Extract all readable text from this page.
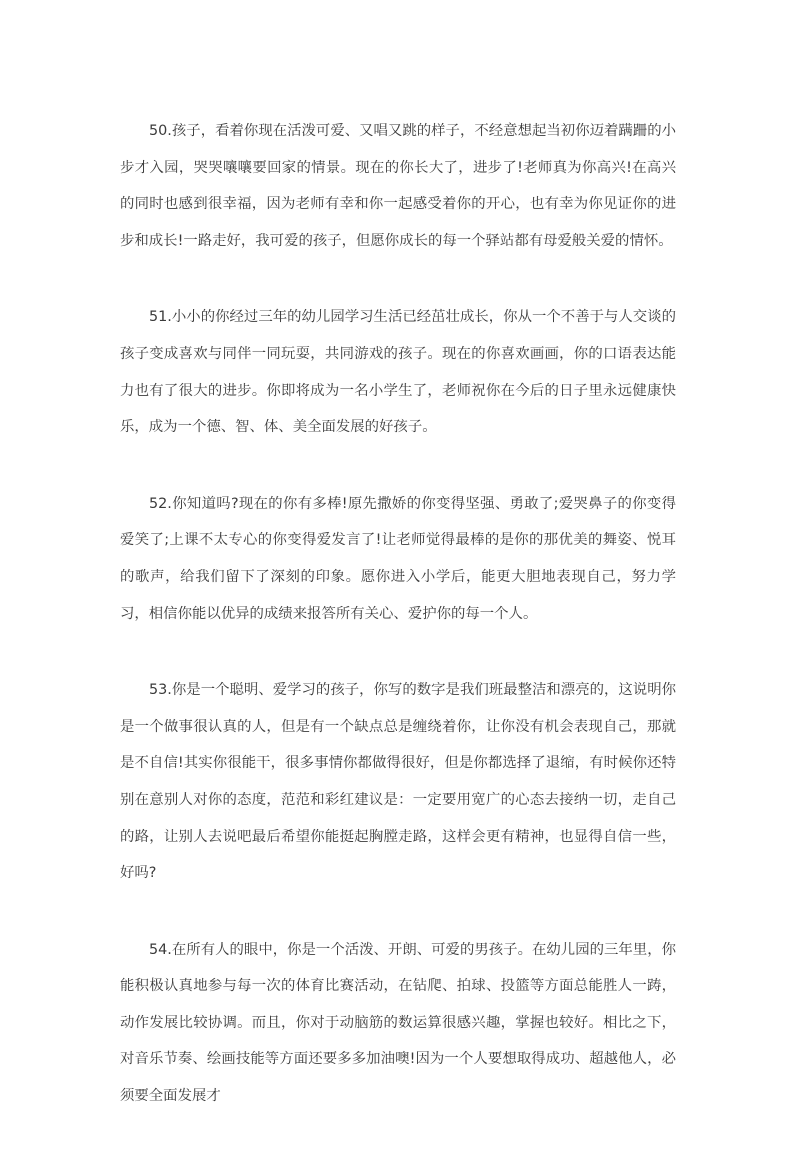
50.孩子，看着你现在活泼可爱、又唱又跳的样子，不经意想起当初你迈着蹒跚的小步才入园，哭哭嚷嚷要回家的情景。现在的你长大了，进步了!老师真为你高兴!在高兴的同时也感到很幸福，因为老师有幸和你一起感受着你的开心，也有幸为你见证你的进步和成长!一路走好，我可爱的孩子，但愿你成长的每一个驿站都有母爱般关爱的情怀。

51.小小的你经过三年的幼儿园学习生活已经茁壮成长，你从一个不善于与人交谈的孩子变成喜欢与同伴一同玩耍，共同游戏的孩子。现在的你喜欢画画，你的口语表达能力也有了很大的进步。你即将成为一名小学生了，老师祝你在今后的日子里永远健康快乐，成为一个德、智、体、美全面发展的好孩子。

52.你知道吗?现在的你有多棒!原先撒娇的你变得坚强、勇敢了;爱哭鼻子的你变得爱笑了;上课不太专心的你变得爱发言了!让老师觉得最棒的是你的那优美的舞姿、悦耳的歌声，给我们留下了深刻的印象。愿你进入小学后，能更大胆地表现自己，努力学习，相信你能以优异的成绩来报答所有关心、爱护你的每一个人。

53.你是一个聪明、爱学习的孩子，你写的数字是我们班最整洁和漂亮的，这说明你是一个做事很认真的人，但是有一个缺点总是缠绕着你，让你没有机会表现自己，那就是不自信!其实你很能干，很多事情你都做得很好，但是你都选择了退缩，有时候你还特别在意别人对你的态度，范范和彩红建议是：一定要用宽广的心态去接纳一切，走自己的路，让别人去说吧最后希望你能挺起胸膛走路，这样会更有精神，也显得自信一些，好吗?

54.在所有人的眼中，你是一个活泼、开朗、可爱的男孩子。在幼儿园的三年里，你能积极认真地参与每一次的体育比赛活动，在钻爬、拍球、投篮等方面总能胜人一踌，动作发展比较协调。而且，你对于动脑筋的数运算很感兴趣，掌握也较好。相比之下，对音乐节奏、绘画技能等方面还要多多加油噢!因为一个人要想取得成功、超越他人，必须要全面发展才
